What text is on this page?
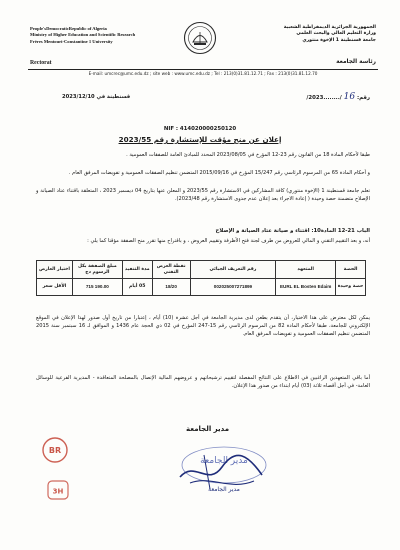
People'sDemocraticRepublic of Algeria
Ministry of Higher Education and Scientific Research
Frères Mentouri-Constantine 1 University
Rectorat
الجمهورية الجزائرية الديمقراطية الشعبية
وزارة التعليم العالي والبحث العلمي
جامعة قسنطينة 1 الإخوة منتوري
رئاسة الجامعة
E-mail: umcrec@umc.edu.dz ; site web : www.umc.edu.dz ; Tel : 213(0)31.81.12.71 ; Fax : 213(0)31.81.12.70
رقم: 16 /........2023/
قسنطينة في 2023/12/10
NIF : 414020000250120
إعلان عن منح مؤقت للإستشارة رقم 2023/55
طبقا لأحكام المادة 18 من القانون رقم 23-12 المؤرخ في 2023/08/05 المحدد للمبادئ العامة للصفقات العمومية .
و أحكام المادة 65 من المرسوم الرئاسي رقم 15/247 المؤرخ في 2015/09/16 المتضمن تنظيم الصفقات العمومية و تفويضات المرفق العام .
تعلم جامعة قسنطينة 1 (الإخوة منتوري) كافة المشاركين في الاستشارة رقم 2023/55 و المعلن عنها بتاريخ 04 ديسمبر 2023 ، المتعلقة باقتناء عتاد الصيانة و الإصلاح متضمنة حصة وحيدة ( إعادة الاجراء بعد إعلان عدم جدوى الاستشارة رقم 2023/48).
الباب 21-12 المادة10: اقتناء و صيانة عتاد الصيانة و الإصلاح
أنه، و بعد التقييم التقني و المالي للعروض من طرف لجنة فتح الأظرفة وتقييم العروض ، و باقتراح منها تقرر منح الصفقة مؤقتا كما يلي :
الحصة	المتعهد	رقم التعريف الجبائي	نقطة العرض التقني	مدة التنفيذ	مبلغ الصفقة بكل الرسوم دج	اختيار العارض
حصة وحيدة	EURL EL Bosten Edaim	002025007271899	18/20	05 أيام	715 190.00	الأقل سعر
يمكن لكل معترض على هذا الاختيار، أن يتقدم بطعن لدى مديرية الجامعة في أجل عشرة (10) أيام ، إعتبارا من تاريخ أول صدور لهذا الإعلان في الموقع الإلكتروني للجامعة، طبقا لأحكام المادة 82 من المرسوم الرئاسي رقم 15-247 المؤرخ في 02 ذي الحجة عام 1436 و الموافق لـ 16 سبتمبر سنة 2015 المتضمن تنظيم الصفقات العمومية و تفويضات المرفق العام.
أما باقي المتعهدين الراغبين في الاطلاع على النتائج المفصلة لتقييم ترشيحاتهم و عروضهم المالية الإتصال بالمصلحة المتعاقدة - المديرية الفرعية للوسائل العامة- في أجل أقصاه ثلاثة (03) أيام ابتداء من صدور هذا الإعلان.
مدير الجامعة
مدير الجامعة
مدير الجامعة
BR
3H
